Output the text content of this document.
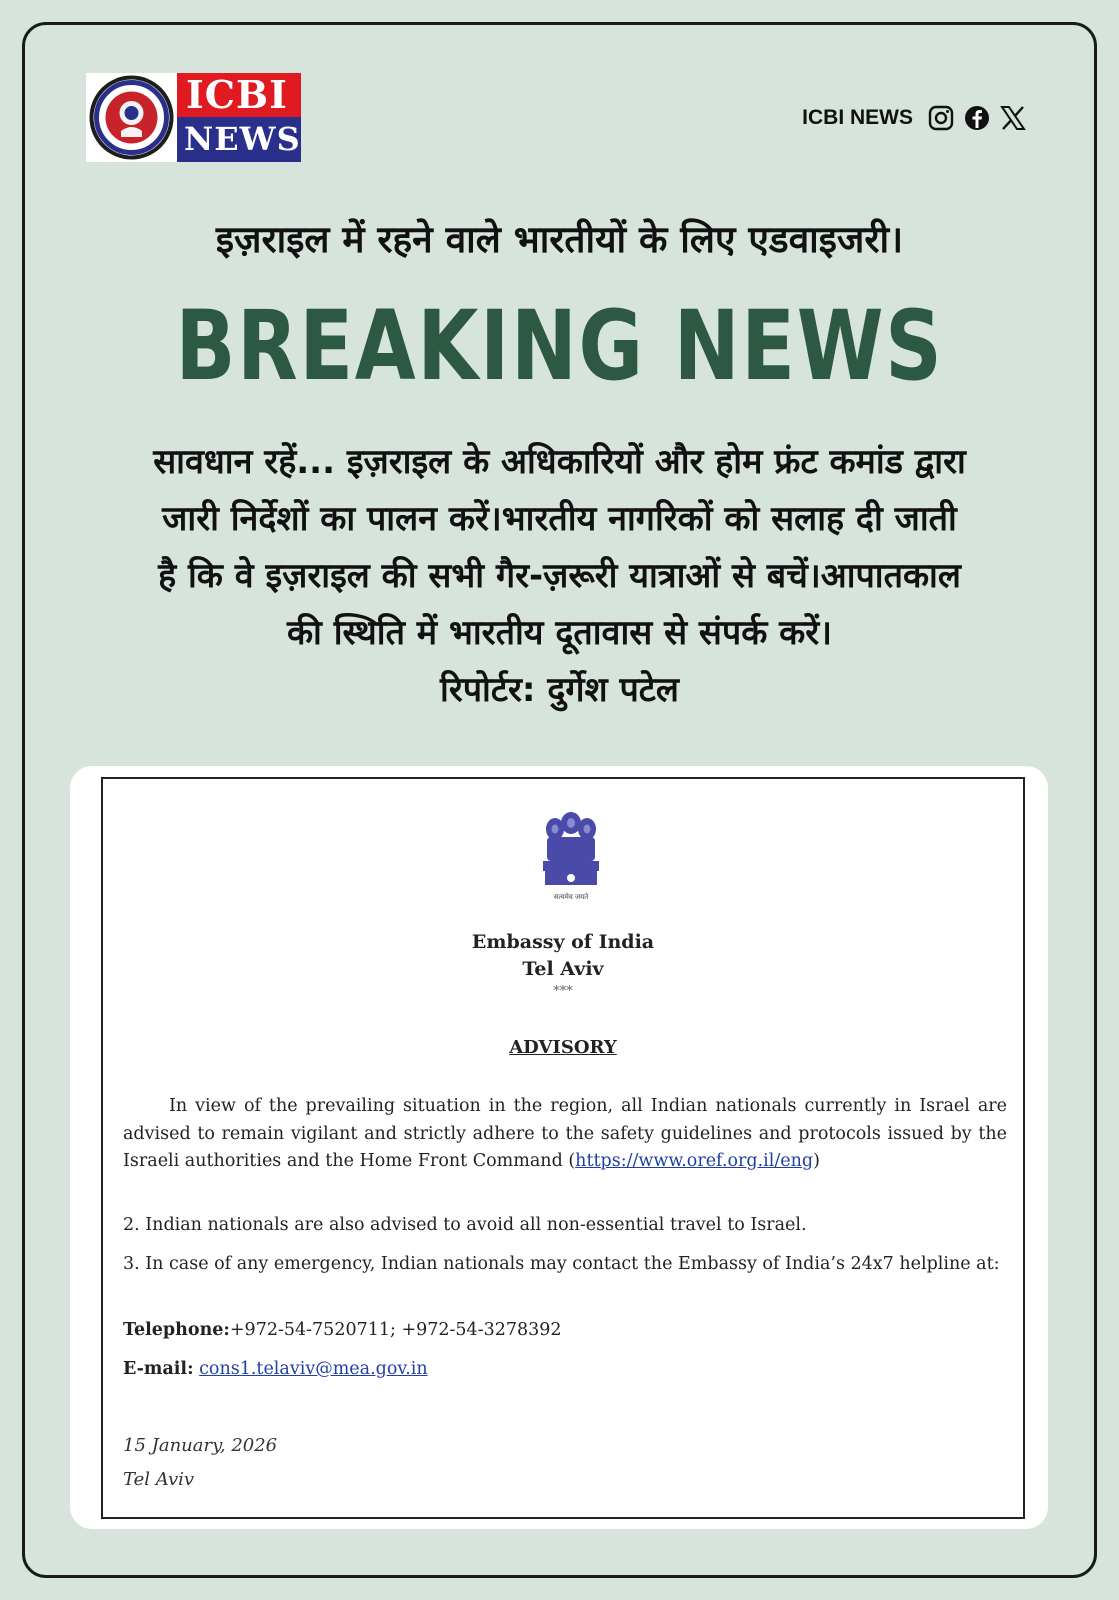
ICBI
NEWS
ICBI NEWS
इज़राइल में रहने वाले भारतीयों के लिए एडवाइजरी।
BREAKING NEWS
सावधान रहें... इज़राइल के अधिकारियों और होम फ्रंट कमांड द्वारा
जारी निर्देशों का पालन करें।भारतीय नागरिकों को सलाह दी जाती
है कि वे इज़राइल की सभी गैर-ज़रूरी यात्राओं से बचें।आपातकाल
की स्थिति में भारतीय दूतावास से संपर्क करें।
रिपोर्टर: दुर्गेश पटेल
सत्यमेव जयते
Embassy of India
Tel Aviv
***
ADVISORY
In view of the prevailing situation in the region, all Indian nationals currently in Israel are advised to remain vigilant and strictly adhere to the safety guidelines and protocols issued by the Israeli authorities and the Home Front Command (https://www.oref.org.il/eng)
2. Indian nationals are also advised to avoid all non-essential travel to Israel.
3. In case of any emergency, Indian nationals may contact the Embassy of India’s 24x7 helpline at:
Telephone:+972-54-7520711; +972-54-3278392
E-mail: cons1.telaviv@mea.gov.in
15 January, 2026
Tel Aviv
